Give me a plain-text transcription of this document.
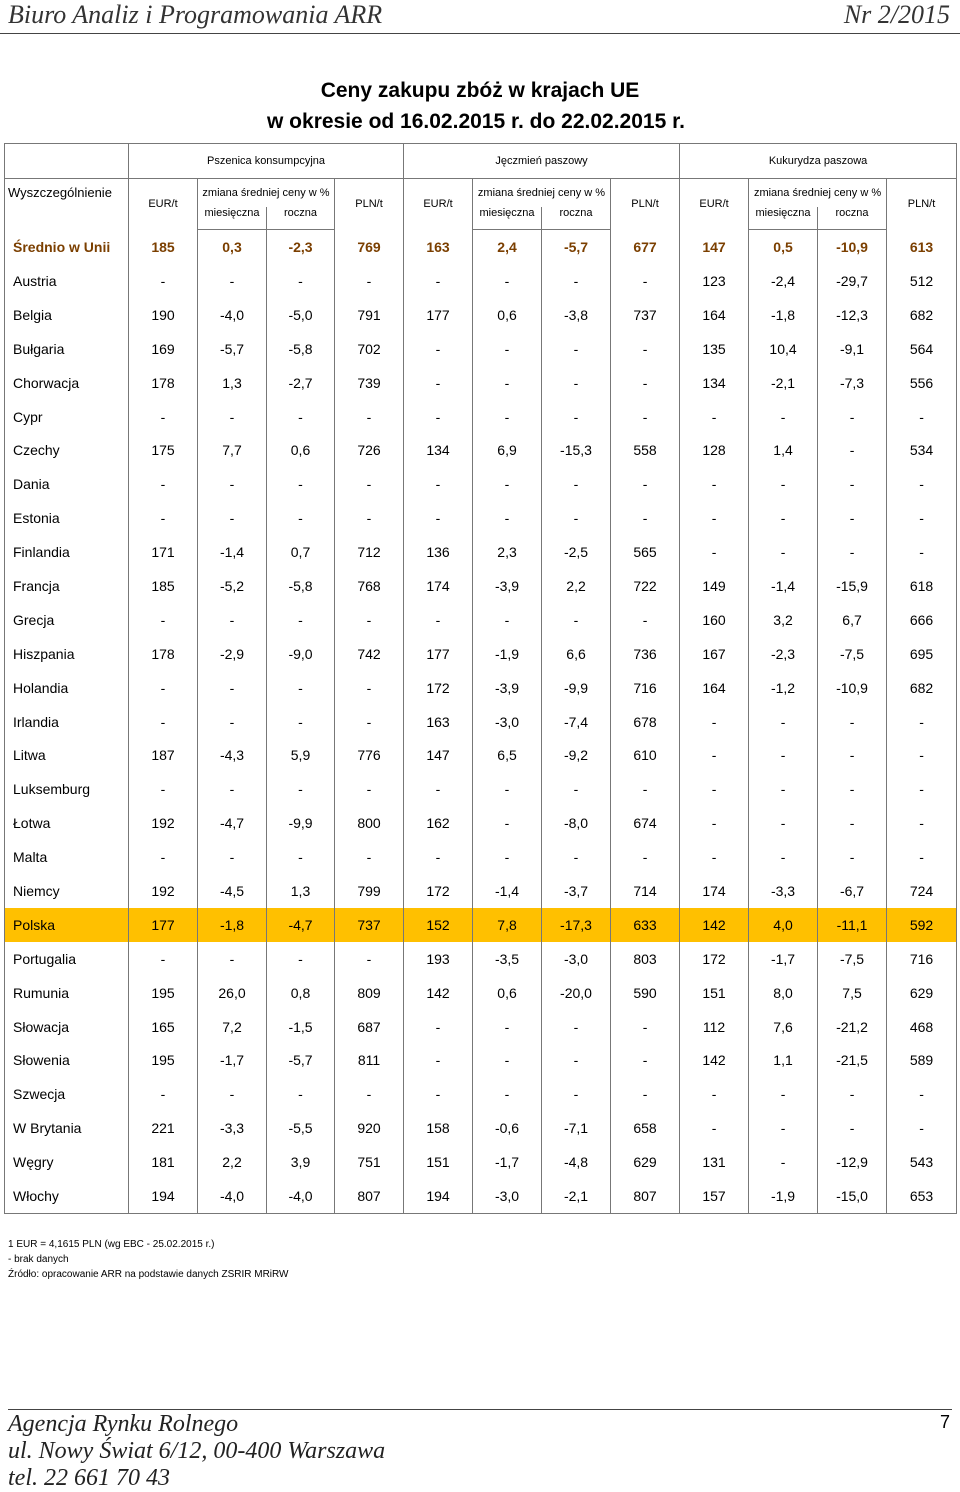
Biuro Analiz i Programowania ARR	Nr 2/2015
Ceny zakupu zbóż w krajach UE
w okresie od 16.02.2015 r. do 22.02.2015 r.
	Pszenica konsumpcyjna				Jęczmień paszowy				Kukurydza paszowa			
Wyszczególnienie	EUR/t	zmiana średniej ceny w %		PLN/t	EUR/t	zmiana średniej ceny w %		PLN/t	EUR/t	zmiana średniej ceny w %		PLN/t
		miesięczna	roczna			miesięczna	roczna			miesięczna	roczna	
Średnio w Unii	185	0,3	-2,3	769	163	2,4	-5,7	677	147	0,5	-10,9	613
Austria	-	-	-	-	-	-	-	-	123	-2,4	-29,7	512
Belgia	190	-4,0	-5,0	791	177	0,6	-3,8	737	164	-1,8	-12,3	682
Bułgaria	169	-5,7	-5,8	702	-	-	-	-	135	10,4	-9,1	564
Chorwacja	178	1,3	-2,7	739	-	-	-	-	134	-2,1	-7,3	556
Cypr	-	-	-	-	-	-	-	-	-	-	-	-
Czechy	175	7,7	0,6	726	134	6,9	-15,3	558	128	1,4	-	534
Dania	-	-	-	-	-	-	-	-	-	-	-	-
Estonia	-	-	-	-	-	-	-	-	-	-	-	-
Finlandia	171	-1,4	0,7	712	136	2,3	-2,5	565	-	-	-	-
Francja	185	-5,2	-5,8	768	174	-3,9	2,2	722	149	-1,4	-15,9	618
Grecja	-	-	-	-	-	-	-	-	160	3,2	6,7	666
Hiszpania	178	-2,9	-9,0	742	177	-1,9	6,6	736	167	-2,3	-7,5	695
Holandia	-	-	-	-	172	-3,9	-9,9	716	164	-1,2	-10,9	682
Irlandia	-	-	-	-	163	-3,0	-7,4	678	-	-	-	-
Litwa	187	-4,3	5,9	776	147	6,5	-9,2	610	-	-	-	-
Luksemburg	-	-	-	-	-	-	-	-	-	-	-	-
Łotwa	192	-4,7	-9,9	800	162	-	-8,0	674	-	-	-	-
Malta	-	-	-	-	-	-	-	-	-	-	-	-
Niemcy	192	-4,5	1,3	799	172	-1,4	-3,7	714	174	-3,3	-6,7	724
Polska	177	-1,8	-4,7	737	152	7,8	-17,3	633	142	4,0	-11,1	592
Portugalia	-	-	-	-	193	-3,5	-3,0	803	172	-1,7	-7,5	716
Rumunia	195	26,0	0,8	809	142	0,6	-20,0	590	151	8,0	7,5	629
Słowacja	165	7,2	-1,5	687	-	-	-	-	112	7,6	-21,2	468
Słowenia	195	-1,7	-5,7	811	-	-	-	-	142	1,1	-21,5	589
Szwecja	-	-	-	-	-	-	-	-	-	-	-	-
W Brytania	221	-3,3	-5,5	920	158	-0,6	-7,1	658	-	-	-	-
Węgry	181	2,2	3,9	751	151	-1,7	-4,8	629	131	-	-12,9	543
Włochy	194	-4,0	-4,0	807	194	-3,0	-2,1	807	157	-1,9	-15,0	653
1 EUR = 4,1615 PLN (wg EBC - 25.02.2015 r.)
- brak danych
Źródło: opracowanie ARR na podstawie danych ZSRIR MRiRW
Agencja Rynku Rolnego
ul. Nowy Świat 6/12, 00-400 Warszawa
tel. 22 661 70 43
7
